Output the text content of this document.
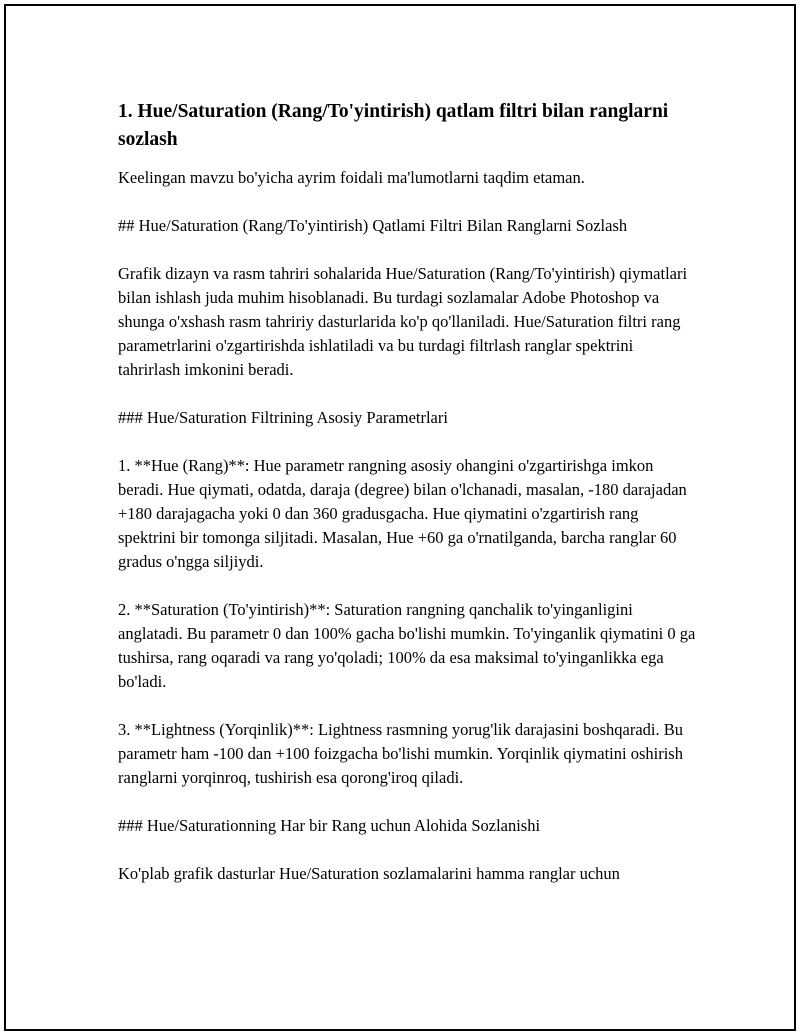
1. Hue/Saturation (Rang/To'yintirish) qatlam filtri bilan ranglarni sozlash

Keelingan mavzu bo'yicha ayrim foidali ma'lumotlarni taqdim etaman.

## Hue/Saturation (Rang/To'yintirish) Qatlami Filtri Bilan Ranglarni Sozlash

Grafik dizayn va rasm tahriri sohalarida Hue/Saturation (Rang/To'yintirish) qiymatlari bilan ishlash juda muhim hisoblanadi. Bu turdagi sozlamalar Adobe Photoshop va shunga o'xshash rasm tahririy dasturlarida ko'p qo'llaniladi. Hue/Saturation filtri rang parametrlarini o'zgartirishda ishlatiladi va bu turdagi filtrlash ranglar spektrini tahrirlash imkonini beradi.

### Hue/Saturation Filtrining Asosiy Parametrlari

1. **Hue (Rang)**: Hue parametr rangning asosiy ohangini o'zgartirishga imkon beradi. Hue qiymati, odatda, daraja (degree) bilan o'lchanadi, masalan, -180 darajadan +180 darajagacha yoki 0 dan 360 gradusgacha. Hue qiymatini o'zgartirish rang spektrini bir tomonga siljitadi. Masalan, Hue +60 ga o'rnatilganda, barcha ranglar 60 gradus o'ngga siljiydi.

2. **Saturation (To'yintirish)**: Saturation rangning qanchalik to'yinganligini anglatadi. Bu parametr 0 dan 100% gacha bo'lishi mumkin. To'yinganlik qiymatini 0 ga tushirsa, rang oqaradi va rang yo'qoladi; 100% da esa maksimal to'yinganlikka ega bo'ladi.

3. **Lightness (Yorqinlik)**: Lightness rasmning yorug'lik darajasini boshqaradi. Bu parametr ham -100 dan +100 foizgacha bo'lishi mumkin. Yorqinlik qiymatini oshirish ranglarni yorqinroq, tushirish esa qorong'iroq qiladi.

### Hue/Saturationning Har bir Rang uchun Alohida Sozlanishi

Ko'plab grafik dasturlar Hue/Saturation sozlamalarini hamma ranglar uchun
